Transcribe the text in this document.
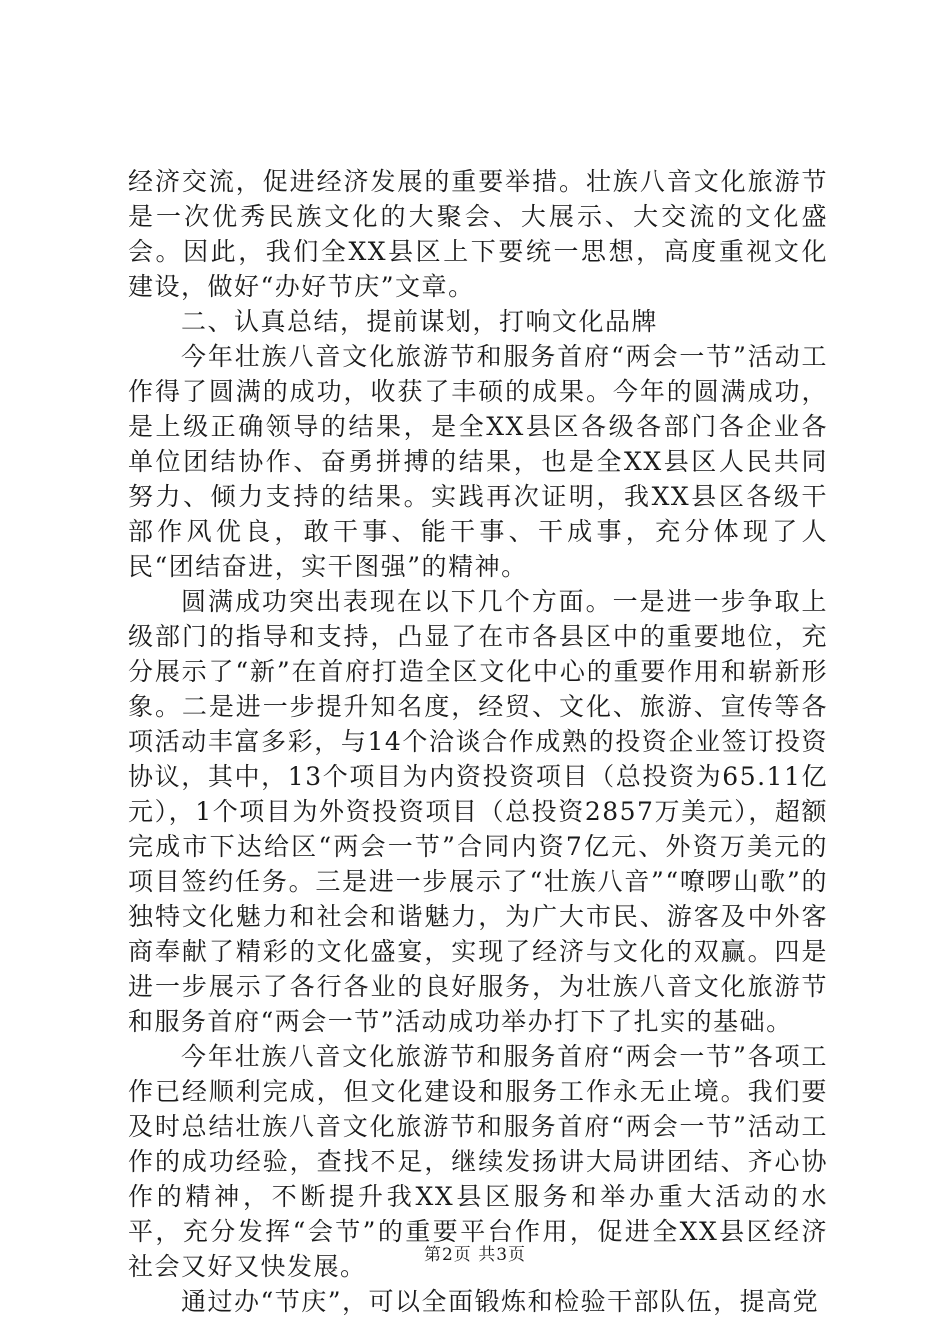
经济交流，促进经济发展的重要举措。壮族八音文化旅游节是一次优秀民族文化的大聚会、大展示、大交流的文化盛会。因此，我们全XX县区上下要统一思想，高度重视文化建设，做好“办好节庆”文章。

二、认真总结，提前谋划，打响文化品牌

今年壮族八音文化旅游节和服务首府“两会一节”活动工作得了圆满的成功，收获了丰硕的成果。今年的圆满成功，是上级正确领导的结果，是全XX县区各级各部门各企业各单位团结协作、奋勇拼搏的结果，也是全XX县区人民共同努力、倾力支持的结果。实践再次证明，我XX县区各级干部作风优良，敢干事、能干事、干成事，充分体现了人民“团结奋进，实干图强”的精神。

圆满成功突出表现在以下几个方面。一是进一步争取上级部门的指导和支持，凸显了在市各县区中的重要地位，充分展示了“新”在首府打造全区文化中心的重要作用和崭新形象。二是进一步提升知名度，经贸、文化、旅游、宣传等各项活动丰富多彩，与14个洽谈合作成熟的投资企业签订投资协议，其中，13个项目为内资投资项目（总投资为65.11亿元），1个项目为外资投资项目（总投资2857万美元），超额完成市下达给区“两会一节”合同内资7亿元、外资万美元的项目签约任务。三是进一步展示了“壮族八音”“嘹啰山歌”的独特文化魅力和社会和谐魅力，为广大市民、游客及中外客商奉献了精彩的文化盛宴，实现了经济与文化的双赢。四是进一步展示了各行各业的良好服务，为壮族八音文化旅游节和服务首府“两会一节”活动成功举办打下了扎实的基础。

今年壮族八音文化旅游节和服务首府“两会一节”各项工作已经顺利完成，但文化建设和服务工作永无止境。我们要及时总结壮族八音文化旅游节和服务首府“两会一节”活动工作的成功经验，查找不足，继续发扬讲大局讲团结、齐心协作的精神，不断提升我XX县区服务和举办重大活动的水平，充分发挥“会节”的重要平台作用，促进全XX县区经济社会又好又快发展。

通过办“节庆”，可以全面锻炼和检验干部队伍，提高党

第2页 共3页
